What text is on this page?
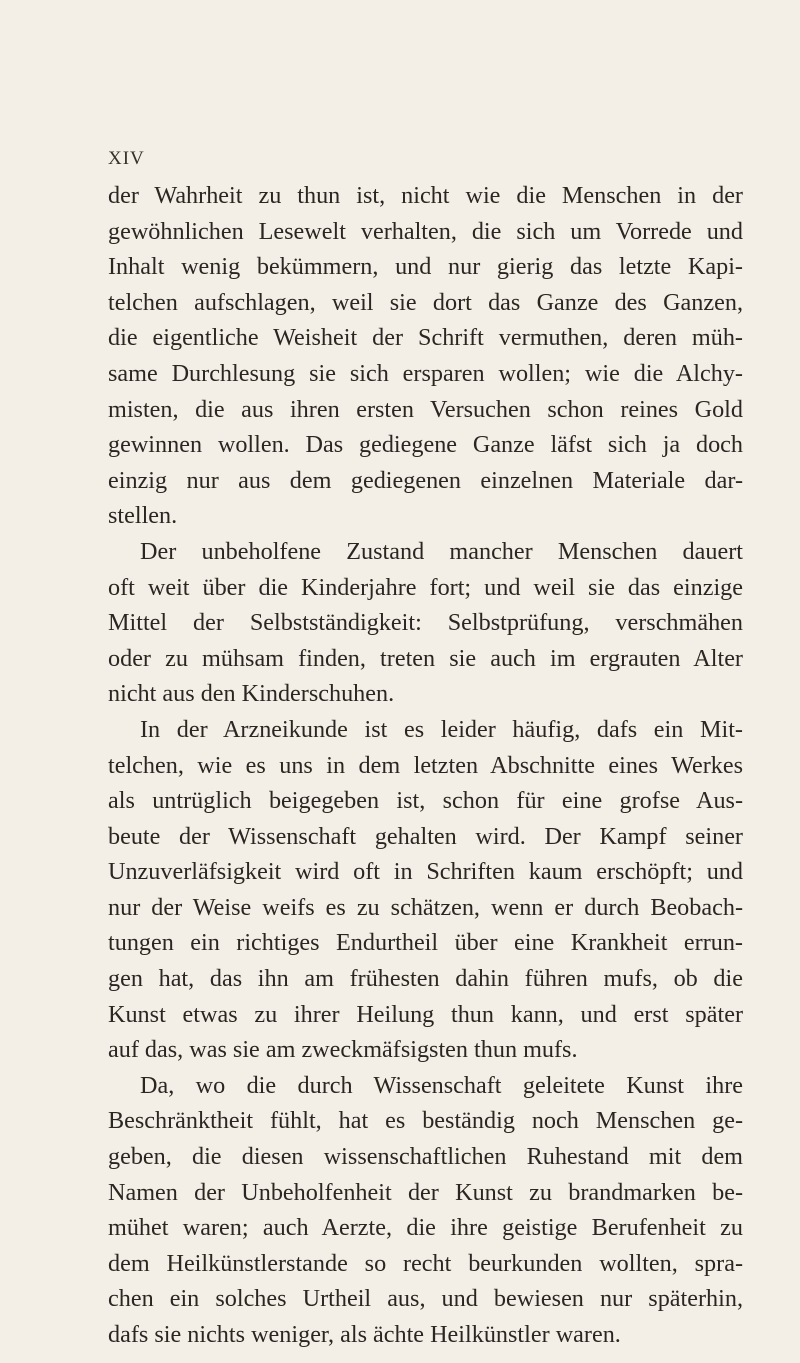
XIV
der Wahrheit zu thun ist, nicht wie die Menschen in der
gewöhnlichen Lesewelt verhalten, die sich um Vorrede und
Inhalt wenig bekümmern, und nur gierig das letzte Kapi-
telchen aufschlagen, weil sie dort das Ganze des Ganzen,
die eigentliche Weisheit der Schrift vermuthen, deren müh-
same Durchlesung sie sich ersparen wollen; wie die Alchy-
misten, die aus ihren ersten Versuchen schon reines Gold
gewinnen wollen. Das gediegene Ganze läfst sich ja doch
einzig nur aus dem gediegenen einzelnen Materiale dar-
stellen.
Der unbeholfene Zustand mancher Menschen dauert
oft weit über die Kinderjahre fort; und weil sie das einzige
Mittel der Selbstständigkeit: Selbstprüfung, verschmähen
oder zu mühsam finden, treten sie auch im ergrauten Alter
nicht aus den Kinderschuhen.
In der Arzneikunde ist es leider häufig, dafs ein Mit-
telchen, wie es uns in dem letzten Abschnitte eines Werkes
als untrüglich beigegeben ist, schon für eine grofse Aus-
beute der Wissenschaft gehalten wird. Der Kampf seiner
Unzuverläfsigkeit wird oft in Schriften kaum erschöpft; und
nur der Weise weifs es zu schätzen, wenn er durch Beobach-
tungen ein richtiges Endurtheil über eine Krankheit errun-
gen hat, das ihn am frühesten dahin führen mufs, ob die
Kunst etwas zu ihrer Heilung thun kann, und erst später
auf das, was sie am zweckmäfsigsten thun mufs.
Da, wo die durch Wissenschaft geleitete Kunst ihre
Beschränktheit fühlt, hat es beständig noch Menschen ge-
geben, die diesen wissenschaftlichen Ruhestand mit dem
Namen der Unbeholfenheit der Kunst zu brandmarken be-
mühet waren; auch Aerzte, die ihre geistige Berufenheit zu
dem Heilkünstlerstande so recht beurkunden wollten, spra-
chen ein solches Urtheil aus, und bewiesen nur späterhin,
dafs sie nichts weniger, als ächte Heilkünstler waren.
